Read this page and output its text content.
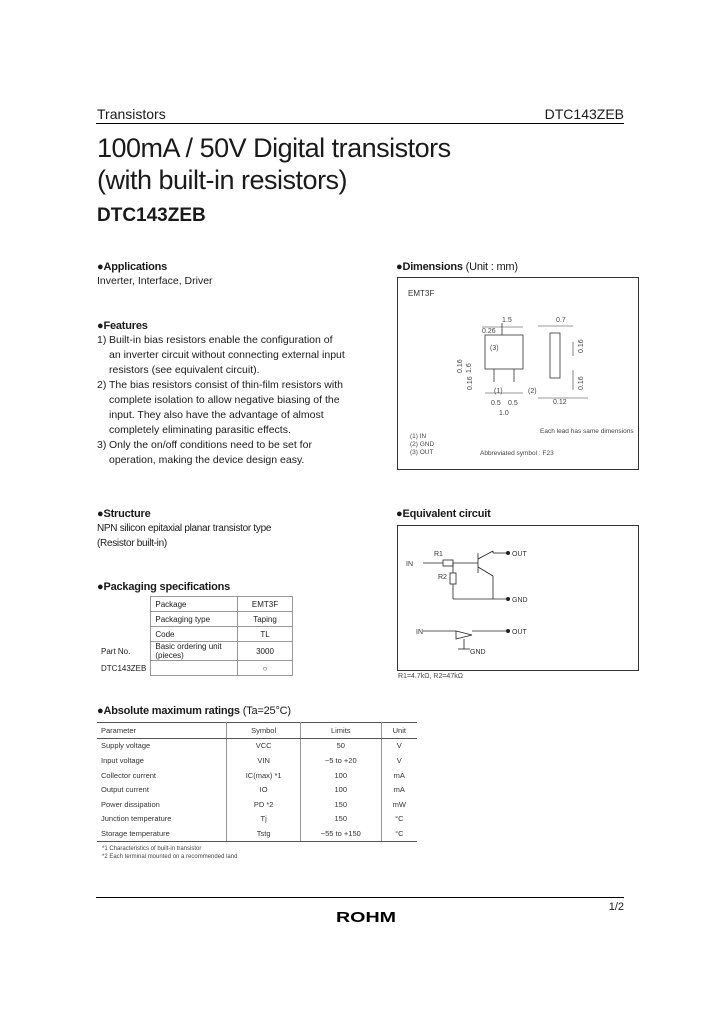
Transistors	DTC143ZEB
100mA / 50V Digital transistors
(with built-in resistors)
DTC143ZEB
●Applications
Inverter, Interface, Driver
●Features
1) Built-in bias resistors enable the configuration of an inverter circuit without connecting external input resistors (see equivalent circuit).
2) The bias resistors consist of thin-film resistors with complete isolation to allow negative biasing of the input. They also have the advantage of almost completely eliminating parasitic effects.
3) Only the on/off conditions need to be set for operation, making the device design easy.
●Dimensions (Unit : mm)
EMT3F
1.5	0.7
0.26
(3)
1.6
0.16
0.16
0.16
0.16
(1)	(2)
0.5 0.5
1.0
0.12
Each lead has same dimensions
(1) IN
(2) GND
(3) OUT	Abbreviated symbol : F23
●Structure
NPN silicon epitaxial planar transistor type
(Resistor built-in)
●Equivalent circuit
IN
R1
R2
OUT
GND
IN	OUT
GND
R1=4.7kΩ, R2=47kΩ
●Packaging specifications
	Package	EMT3F
	Packaging type	Taping
	Code	TL
Part No.	Basic ordering unit (pieces)	3000
DTC143ZEB		○
●Absolute maximum ratings (Ta=25°C)
Parameter	Symbol	Limits	Unit
Supply voltage	VCC	50	V
Input voltage	VIN	−5 to +20	V
Collector current	IC(max) *1	100	mA
Output current	IO	100	mA
Power dissipation	PD *2	150	mW
Junction temperature	Tj	150	°C
Storage temperature	Tstg	−55 to +150	°C
*1 Characteristics of built-in transistor
*2 Each terminal mounted on a recommended land
1/2
ROHM
